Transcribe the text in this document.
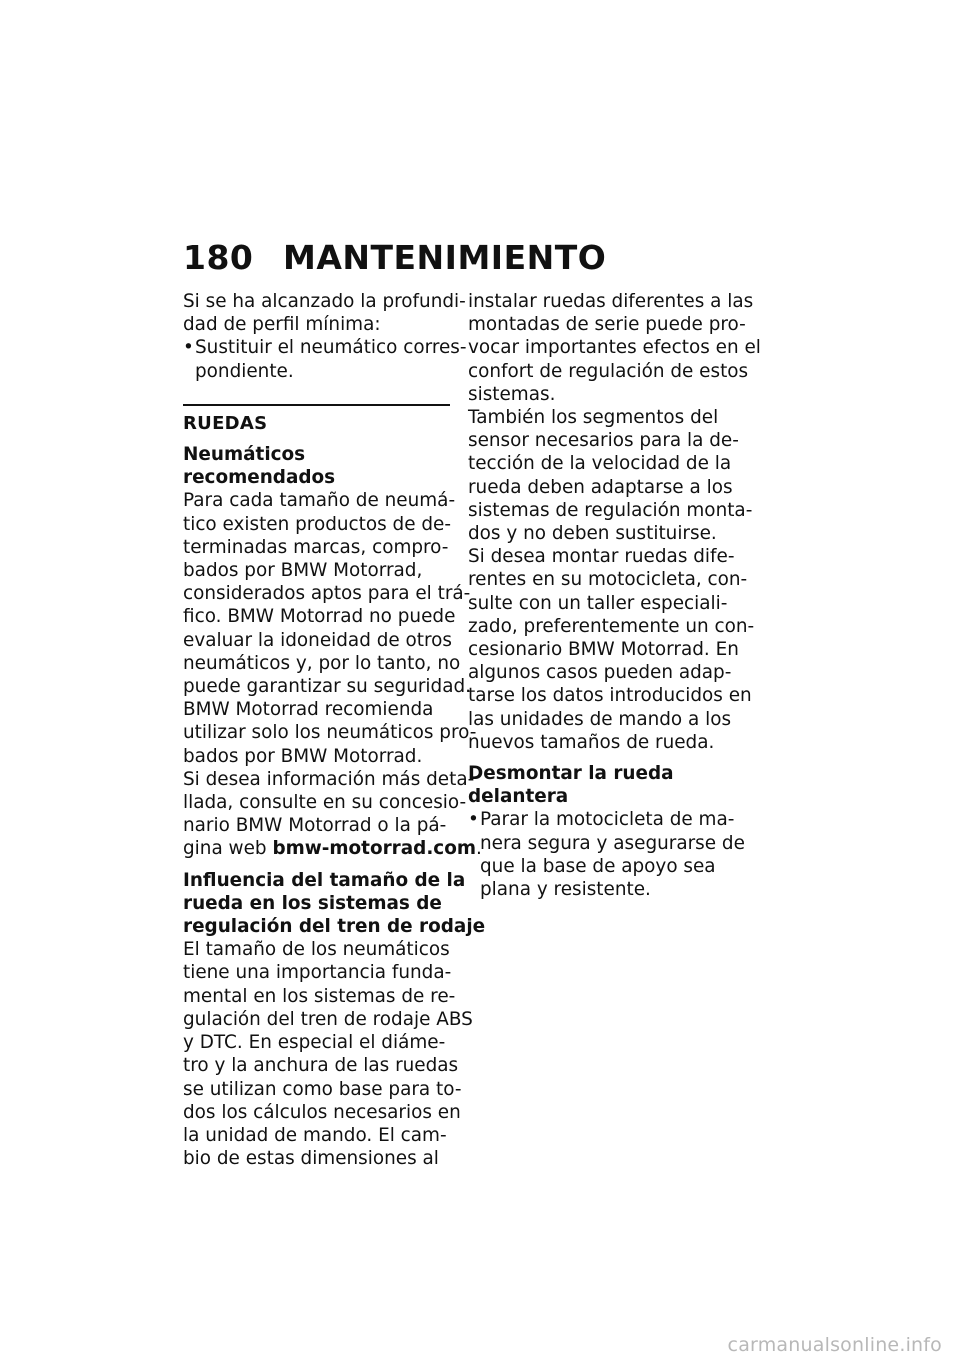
180 MANTENIMIENTO

Si se ha alcanzado la profundi-
dad de perfil mínima:

• Sustituir el neumático corres-
pondiente.
RUEDAS

Neumáticos recomendados

Para cada tamaño de neumá-
tico existen productos de de-
terminadas marcas, compro-
bados por BMW Motorrad,
considerados aptos para el trá-
fico. BMW Motorrad no puede
evaluar la idoneidad de otros
neumáticos y, por lo tanto, no
puede garantizar su seguridad.

BMW Motorrad recomienda
utilizar solo los neumáticos pro-
bados por BMW Motorrad.

Si desea información más deta-
llada, consulte en su concesio-
nario BMW Motorrad o la pá-
gina web bmw-motorrad.com.

Influencia del tamaño de la
rueda en los sistemas de
regulación del tren de rodaje

El tamaño de los neumáticos
tiene una importancia funda-
mental en los sistemas de re-
gulación del tren de rodaje ABS
y DTC. En especial el diáme-
tro y la anchura de las ruedas
se utilizan como base para to-
dos los cálculos necesarios en
la unidad de mando. El cam-
bio de estas dimensiones al

instalar ruedas diferentes a las
montadas de serie puede pro-
vocar importantes efectos en el
confort de regulación de estos
sistemas.

También los segmentos del
sensor necesarios para la de-
tección de la velocidad de la
rueda deben adaptarse a los
sistemas de regulación monta-
dos y no deben sustituirse.

Si desea montar ruedas dife-
rentes en su motocicleta, con-
sulte con un taller especiali-
zado, preferentemente un con-
cesionario BMW Motorrad. En
algunos casos pueden adap-
tarse los datos introducidos en
las unidades de mando a los
nuevos tamaños de rueda.

Desmontar la rueda delantera

• Parar la motocicleta de ma-
nera segura y asegurarse de
que la base de apoyo sea
plana y resistente.
carmanualsonline.info
